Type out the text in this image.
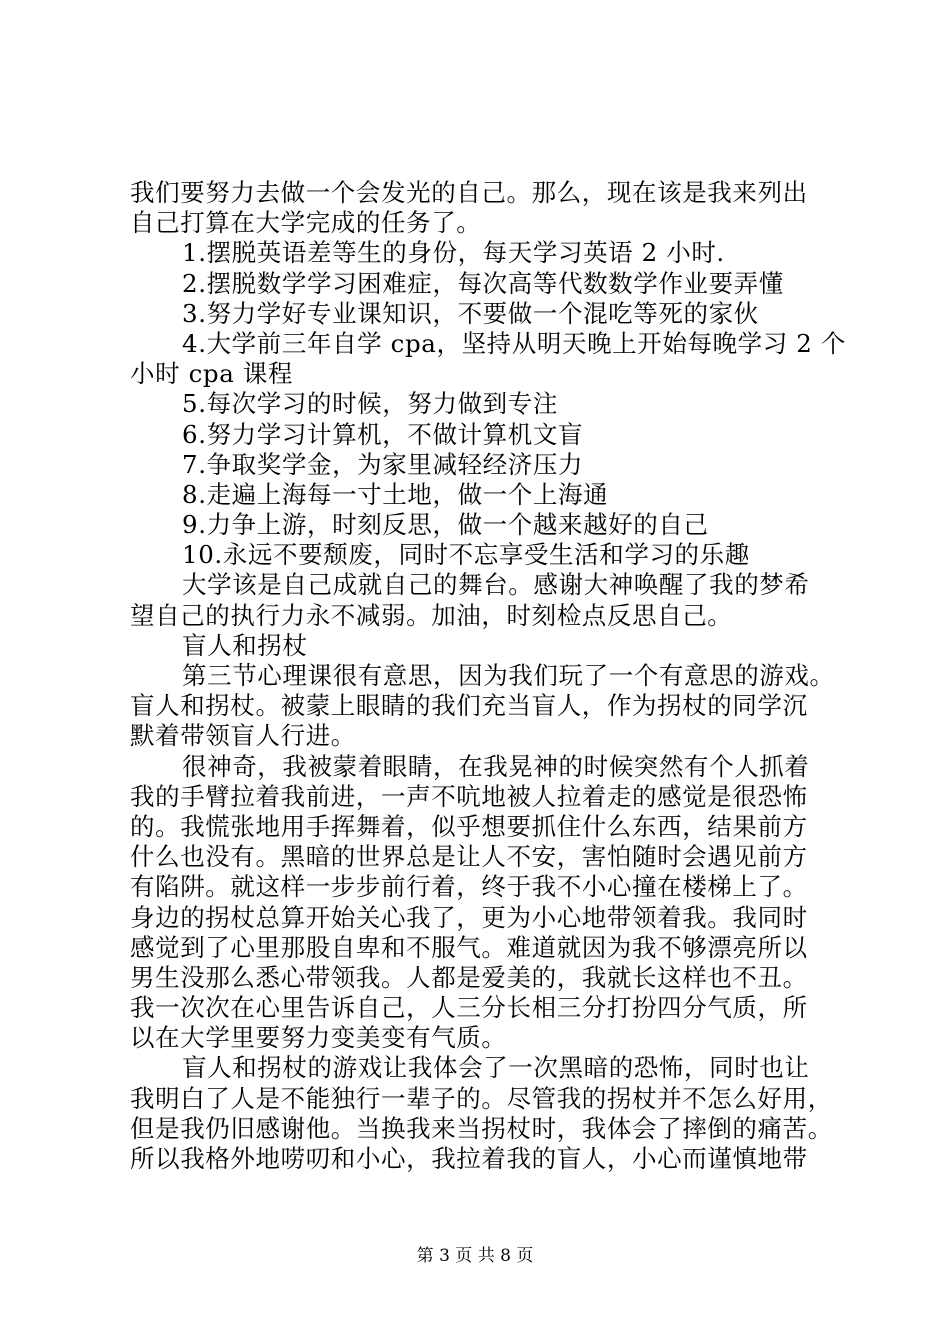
我们要努力去做一个会发光的自己。那么，现在该是我来列出
自己打算在大学完成的任务了。
1.摆脱英语差等生的身份，每天学习英语 2 小时.
2.摆脱数学学习困难症，每次高等代数数学作业要弄懂
3.努力学好专业课知识，不要做一个混吃等死的家伙
4.大学前三年自学 cpa，坚持从明天晚上开始每晚学习 2 个
小时 cpa 课程
5.每次学习的时候，努力做到专注
6.努力学习计算机，不做计算机文盲
7.争取奖学金，为家里减轻经济压力
8.走遍上海每一寸土地，做一个上海通
9.力争上游，时刻反思，做一个越来越好的自己
10.永远不要颓废，同时不忘享受生活和学习的乐趣
大学该是自己成就自己的舞台。感谢大神唤醒了我的梦希
望自己的执行力永不减弱。加油，时刻检点反思自己。
盲人和拐杖
第三节心理课很有意思，因为我们玩了一个有意思的游戏。
盲人和拐杖。被蒙上眼睛的我们充当盲人，作为拐杖的同学沉
默着带领盲人行进。
很神奇，我被蒙着眼睛，在我晃神的时候突然有个人抓着
我的手臂拉着我前进，一声不吭地被人拉着走的感觉是很恐怖
的。我慌张地用手挥舞着，似乎想要抓住什么东西，结果前方
什么也没有。黑暗的世界总是让人不安，害怕随时会遇见前方
有陷阱。就这样一步步前行着，终于我不小心撞在楼梯上了。
身边的拐杖总算开始关心我了，更为小心地带领着我。我同时
感觉到了心里那股自卑和不服气。难道就因为我不够漂亮所以
男生没那么悉心带领我。人都是爱美的，我就长这样也不丑。
我一次次在心里告诉自己，人三分长相三分打扮四分气质，所
以在大学里要努力变美变有气质。
盲人和拐杖的游戏让我体会了一次黑暗的恐怖，同时也让
我明白了人是不能独行一辈子的。尽管我的拐杖并不怎么好用，
但是我仍旧感谢他。当换我来当拐杖时，我体会了摔倒的痛苦。
所以我格外地唠叨和小心，我拉着我的盲人，小心而谨慎地带
第 3 页 共 8 页
